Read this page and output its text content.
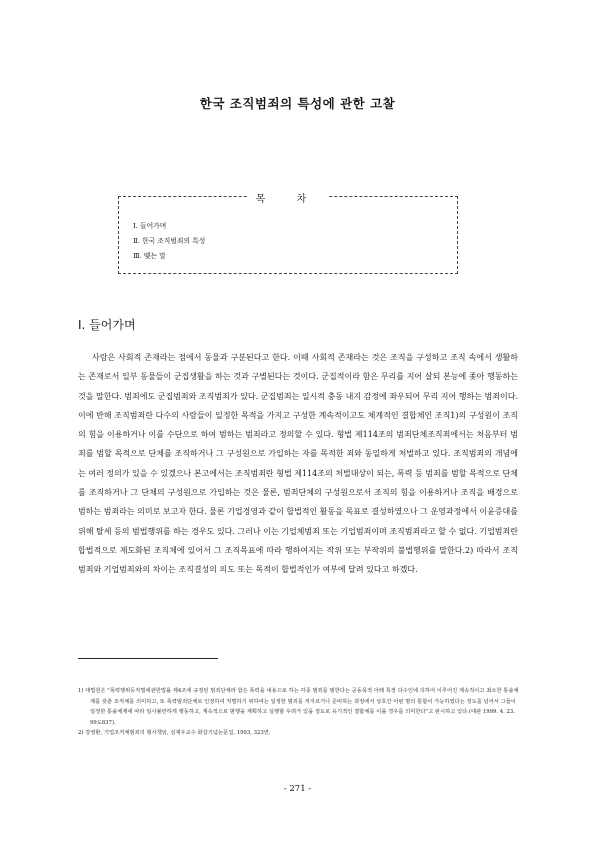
한국 조직범죄의 특성에 관한 고찰
목 차
Ⅰ. 들어가며
Ⅱ. 한국 조직범죄의 특성
Ⅲ. 맺는 말
Ⅰ. 들어가며

사람은 사회적 존재라는 점에서 동물과 구분된다고 한다. 이때 사회적 존재라는 것은 조직을 구성하고 조직 속에서 생활하는 존재로서 일부 동물들이 군집생활을 하는 것과 구별된다는 것이다. 군집적이라 함은 무리를 지어 살되 본능에 좇아 행동하는 것을 말한다. 범죄에도 군집범죄와 조직범죄가 있다. 군집범죄는 일시적 충동 내지 감정에 좌우되어 무리 지어 행하는 범죄이다. 이에 반해 조직범죄란 다수의 사람들이 일정한 목적을 가지고 구성한 계속적이고도 체계적인 결합체인 조직1)의 구성원이 조직의 힘을 이용하거나 이를 수단으로 하여 범하는 범죄라고 정의할 수 있다. 형법 제114조의 범죄단체조직죄에서는 처음부터 범죄를 범할 목적으로 단체를 조직하거나 그 구성원으로 가입하는 자를 목적한 죄와 동일하게 처벌하고 있다. 조직범죄의 개념에는 여러 정의가 있을 수 있겠으나 본고에서는 조직범죄란 형법 제114조의 처벌대상이 되는, 폭력 등 범죄를 범할 목적으로 단체를 조직하거나 그 단체의 구성원으로 가입하는 것은 물론, 범죄단체의 구성원으로서 조직의 힘을 이용하거나 조직을 배경으로 범하는 범죄라는 의미로 보고자 한다. 물론 기업경영과 같이 합법적인 활동을 목표로 결성하였으나 그 운영과정에서 이윤증대를 위해 탈세 등의 범법행위를 하는 경우도 있다. 그러나 이는 기업체범죄 또는 기업범죄이며 조직범죄라고 할 수 없다. 기업범죄란 합법적으로 제도화된 조직체에 있어서 그 조직목표에 따라 행하여지는 작위 또는 부작위의 불법행위를 말한다.2) 따라서 조직범죄와 기업범죄와의 차이는 조직결성의 의도 또는 목적이 합법적인가 여부에 달려 있다고 하겠다.

1) 대법원은 "폭력행위등처벌에관한법률 제4조에 규정된 범죄단체라 함은 폭력을 내용으로 하는 각종 범죄를 범한다는 공동목적 아래 특정 다수인에 의하여 이루어진 계속적이고 최소한 통솔체제를 갖춘 조직체를 의미하고, 또 폭력범죄단체로 인정하여 처벌하기 위하여는 일정한 범죄를 저지르거나 준비하는 과정에서 상호간 어떤 명의 통합이 가능하였다는 정도를 넘어서 그들이 일정한 통솔체제에 따라 일사불란하게 행동하고, 계속적으로 범행을 계획하고 실행할 우려가 있을 정도로 유기적인 결합체를 이룰 경우를 의미한다"고 판시하고 있다.(대판 1999. 4. 23. 99도837).

2) 강영환, 기업조직체범죄의 형사책임, 심재우교수 화갑기념논문집, 1993, 323면.

- 271 -
